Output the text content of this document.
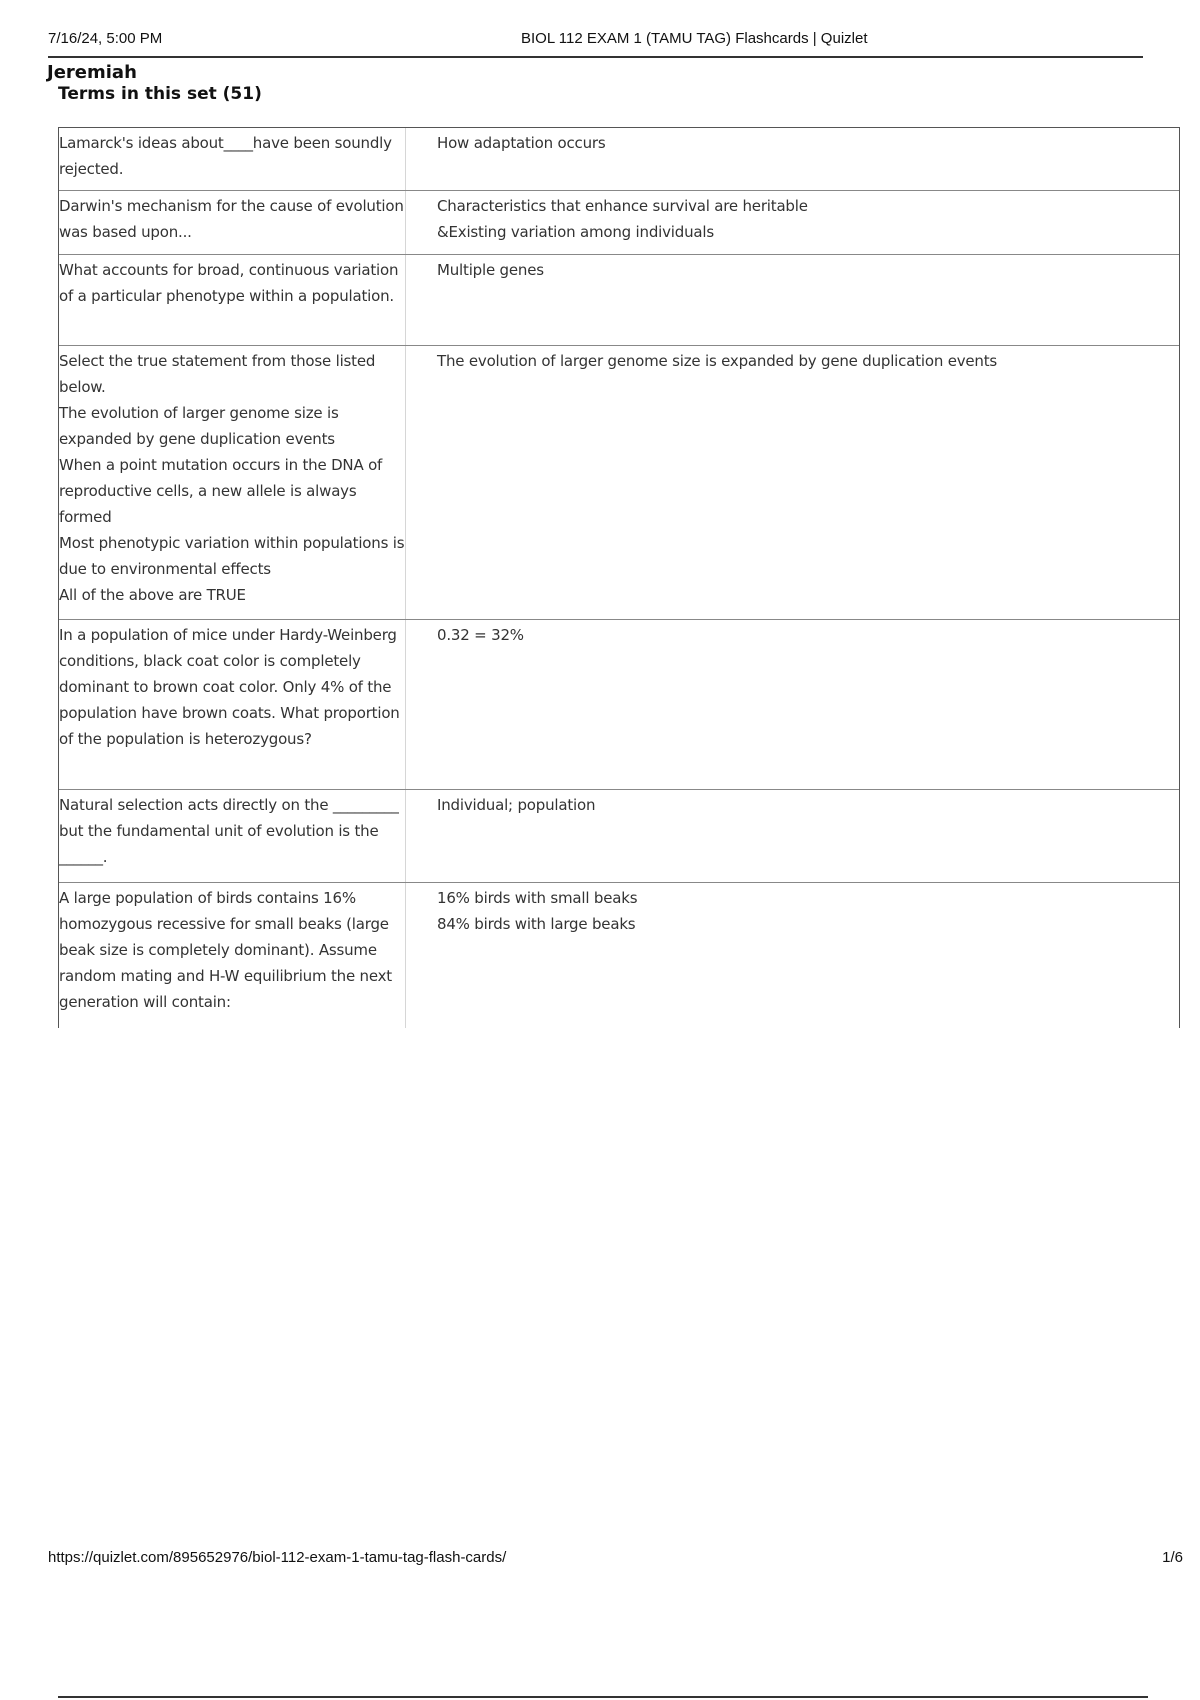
7/16/24, 5:00 PM	BIOL 112 EXAM 1 (TAMU TAG) Flashcards | Quizlet
Jeremiah
Terms in this set (51)
Lamarck's ideas about____have been soundly rejected.
How adaptation occurs
Darwin's mechanism for the cause of evolution was based upon...
Characteristics that enhance survival are heritable
&Existing variation among individuals
What accounts for broad, continuous variation of a particular phenotype within a population.
Multiple genes
Select the true statement from those listed below.
The evolution of larger genome size is expanded by gene duplication events
When a point mutation occurs in the DNA of reproductive cells, a new allele is always formed
Most phenotypic variation within populations is due to environmental effects
All of the above are TRUE
The evolution of larger genome size is expanded by gene duplication events
In a population of mice under Hardy-Weinberg conditions, black coat color is completely dominant to brown coat color. Only 4% of the population have brown coats. What proportion of the population is heterozygous?
0.32 = 32%
Natural selection acts directly on the _________ but the fundamental unit of evolution is the ______.
Individual; population
A large population of birds contains 16% homozygous recessive for small beaks (large beak size is completely dominant). Assume random mating and H-W equilibrium the next generation will contain:
16% birds with small beaks
84% birds with large beaks
https://quizlet.com/895652976/biol-112-exam-1-tamu-tag-flash-cards/	1/6
